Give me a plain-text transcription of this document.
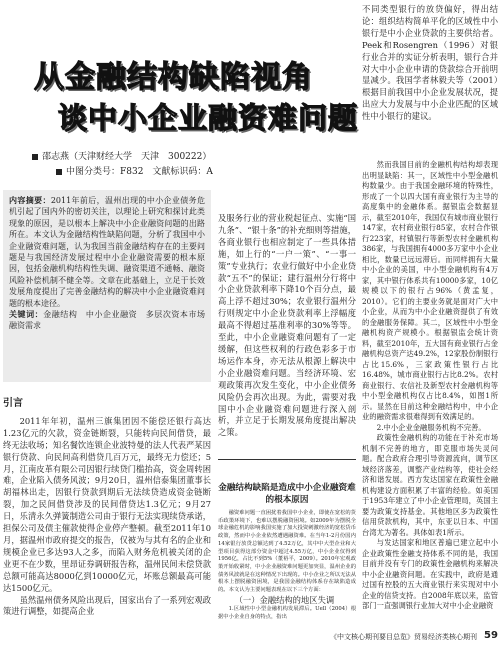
从金融结构缺陷视角
谈中小企业融资难问题
邵志燕（天津财经大学　天津　300222）
中图分类号：F832　文献标识码：A
内容摘要：2011年前后，温州出现的中小企业债务危机引起了国内外的密切关注，以理论上研究和探讨此类现象的原因，是以根本上解决中小企业融资问题的出路所在。本文认为金融结构性缺陷问题，分析了我国中小企业融资难问题，认为我国当前金融结构存在的主要问题是与我国经济发展过程中小企业融资需要的根本原因，包括金融机构结构性失调、融资渠道不通畅、融资风险补偿机制不健全等。文章在此基础上，立足于长效发展角度提出了完善金融结构的解决中小企业融资难问题的根本途径。
关键词：金融结构　中小企业融资　多层次资本市场　融资需求
引言

2011年年初，温州三旗集团因不能偿还银行高达1.23亿元的欠款，资金链断裂，只能转向民间借贷，最终无法收场；知名餐饮连锁企业波特曼的法人代表严某因银行贷款、向民间高利借贷几百万元，最终无力偿还；5月，江南皮革有限公司因银行续贷门槛抬高，资金周转困难，企业陷入债务风波；9月20日，温州信泰集团董事长胡福林出走，因银行贷款到期后无法续贷造成资金链断裂，加之民间借贷涉及的民间借贷达1.3亿元；9月27日，乐清永久弹簧制造公司由于银行无法实现续贷承诺，担保公司及债主催款使得企业停产整顿。截至2011年10月，据温州市政府提交的报告，仅被为与其有名的企业和规模企业已多达93人之多，而陷入财务危机被关闭的企业更不在少数，里昂证券调研报告称，温州民间未偿贷款总额可能高达8000亿到10000亿元，坏账总额最高可能达1500亿元。

虽然温州债务风险出现后，国家出台了一系列宏观政策进行调整，如提高企业

及服务行业的营业税起征点、实施“国九条”、“银十条”的补充细则等措施，各商业银行也相应制定了一些具体措施，如上行的“一户一策”、“一事一策”专业执行；农业行做好中小企业贷款“五不”的保证；建行温州分行将中小企业贷款利率下降10个百分点，最高上浮不超过30%；农业银行温州分行则规定中小企业贷款利率上浮幅度最高不得超过基准利率的30%等等。至此，中小企业融资难问题有了一定缓解，但这些权利的行政色彩多于市场运作本身，亦无法从根源上解决中小企业融资难问题。当经济环境、宏观政策再次发生变化，中小企业债务风险仍会再次出现。为此，需要对我国中小企业融资难问题进行深入剖析，并立足于长期发展角度提出解决之策。

金融结构缺陷是造成中小企业融资难的根本原因

融资难问题一直困扰着我国中小企业，即使在宽松的货币政策环境下，也难以摆脱融资困境。如2009年为摆脱全球金融危机的影响我国实施了加大投资刺激经济的宽松货币政策，然而中小企业依然遭遇融资难。在当年1-2月份国内14家银行放贷总额达到了4.52万亿，其中中大型企业和大型项目获得这部分资金中超过4.55万亿，中小企业仅得到1956亿，占比不到5%（董裕平，2009）。2010年宏观政策开始收紧时，中小企业融资难问题更加突显，温州企业的债务风波就是在这种情况下出现的。中小企业之所以无法从根本上摆脱融资困境，是我国金融结构体系存在缺陷造成的。本文认为主要问题表现在以下三个方面：

（一）金融结构的地区失调

1.区域性中小型金融机构发展滞后。Uell（2004）根据中小企业自身的特点，指出

不同类型银行的放贷偏好，得出结论：组织结构简单平化的区域性中小银行是中小企业贷款的主要供给者。Peek和Rosengren（1996）对银行业合并的实证分析表明，银行合并对大中小企业申请的贷款综合开前明显减少。我国学者林毅夫等（2001）根据目前我国中小企业发展状况，提出应大力发展与中小企业匹配的区域性中小银行的建议。

然而我国目前的金融机构结构却表现出明显缺陷：其一，区域性中小型金融机构数量少。由于我国金融环境的特殊性，形成了一个以四大国有商业银行为主导的高度集中的金融体系。据银监会数据显示，截至2010年，我国仅有城市商业银行147家，农村商业银行85家，农村合作银行223家，村镇银行等新型农村金融机构386家，与我国拥有4000多万家中小企业相比，数量已远远滞后。而同样拥有大量中小企业的美国，中小型金融机构有4万家，其中银行体系共有10000多家，10亿规模以下的银行占96%（黄孟复，2010）。它们的主要业务就是面对广大中小企业，从而为中小企业融资提供了有效的金融服务保障。其二，区域性中小型金融机构资产规模小。根据银监会统计资料，截至2010年，五大国有商业银行占金融机构总资产达49.2%，12家股份制银行占比15.6%，三家政策性银行占比16.48%，城市商业银行占比8.2%。农村商业银行、农信社及新型农村金融机构等中小型金融机构仅占比8.4%，如图1所示。显然在目前这种金融结构中，中小企业的融资需求很难得到有效满足的。

2.中小企业金融服务机构不完善。

政策性金融机构的功能在于补充市场机制不完善的地方，即克服市场失灵问题。配合政府合理引导资源流向，调节区域经济落差，调整产业结构等，使社会经济和谐发展。西方发达国家在政策性金融机构建设方面积累了丰富的经验。如美国于1953年建立了中小企业管理局，英国主要为政策支持基金。其他地区多为政策性信用贷款机构，其中，东亚以日本、中国台湾尤为著名。具体如表1所示。

与发达国家和地区普遍已建立起中小企业政策性金融支持体系不同的是，我国目前并没有专门的政策性金融机构来解决中小企业融资问题。在实践中，政府是通过国有控股的五大商业银行来实现对中小企业的信贷支持。自2008年底以来，监管部门一直强调银行业加大对中小企业融资

《中文核心期刊要目总览》贸易经济类核心期刊 59
